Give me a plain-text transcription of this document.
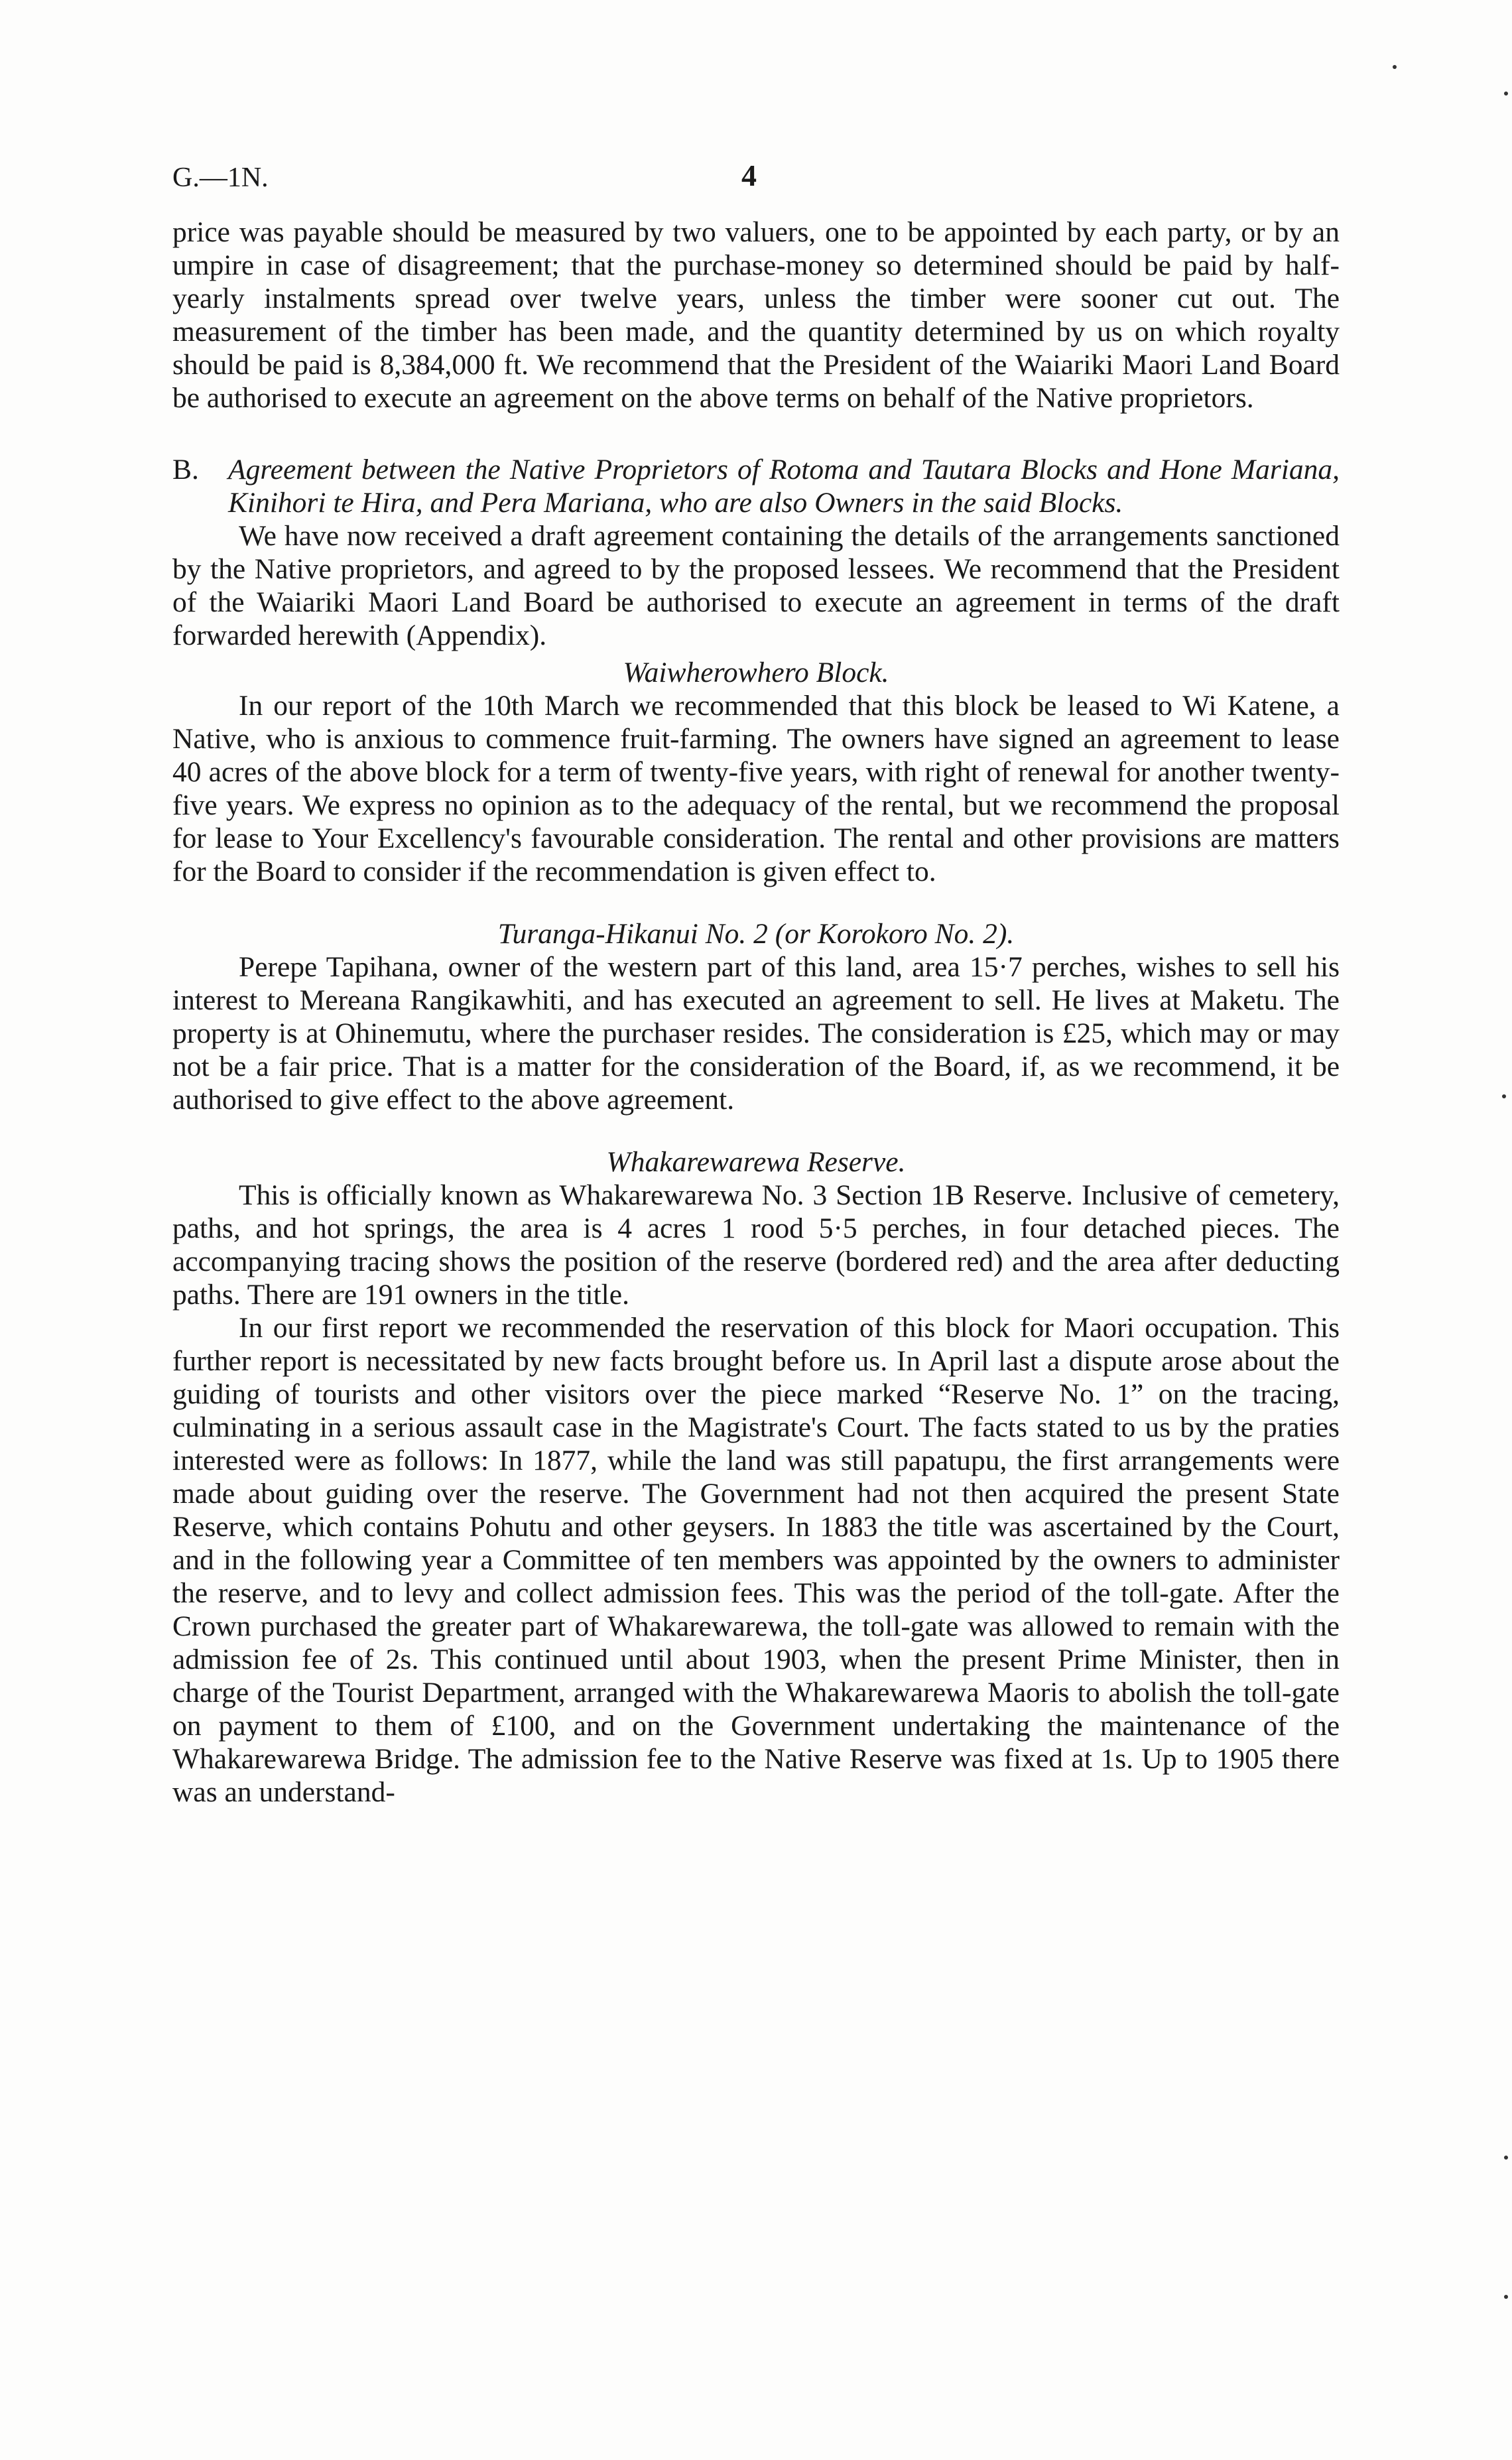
G.—1N.	4

price was payable should be measured by two valuers, one to be appointed by each party, or by an umpire in case of disagreement; that the purchase-money so determined should be paid by half-yearly instalments spread over twelve years, unless the timber were sooner cut out. The measurement of the timber has been made, and the quantity determined by us on which royalty should be paid is 8,384,000 ft. We recommend that the President of the Waiariki Maori Land Board be authorised to execute an agreement on the above terms on behalf of the Native proprietors.

B. Agreement between the Native Proprietors of Rotoma and Tautara Blocks and Hone Mariana, Kinihori te Hira, and Pera Mariana, who are also Owners in the said Blocks.

We have now received a draft agreement containing the details of the arrangements sanctioned by the Native proprietors, and agreed to by the proposed lessees. We recommend that the President of the Waiariki Maori Land Board be authorised to execute an agreement in terms of the draft forwarded herewith (Appendix).

Waiwherowhero Block.

In our report of the 10th March we recommended that this block be leased to Wi Katene, a Native, who is anxious to commence fruit-farming. The owners have signed an agreement to lease 40 acres of the above block for a term of twenty-five years, with right of renewal for another twenty-five years. We express no opinion as to the adequacy of the rental, but we recommend the proposal for lease to Your Excellency's favourable consideration. The rental and other provisions are matters for the Board to consider if the recommendation is given effect to.

Turanga-Hikanui No. 2 (or Korokoro No. 2).

Perepe Tapihana, owner of the western part of this land, area 15·7 perches, wishes to sell his interest to Mereana Rangikawhiti, and has executed an agreement to sell. He lives at Maketu. The property is at Ohinemutu, where the purchaser resides. The consideration is £25, which may or may not be a fair price. That is a matter for the consideration of the Board, if, as we recommend, it be authorised to give effect to the above agreement.

Whakarewarewa Reserve.

This is officially known as Whakarewarewa No. 3 Section 1B Reserve. Inclusive of cemetery, paths, and hot springs, the area is 4 acres 1 rood 5·5 perches, in four detached pieces. The accompanying tracing shows the position of the reserve (bordered red) and the area after deducting paths. There are 191 owners in the title.

In our first report we recommended the reservation of this block for Maori occupation. This further report is necessitated by new facts brought before us. In April last a dispute arose about the guiding of tourists and other visitors over the piece marked “Reserve No. 1” on the tracing, culminating in a serious assault case in the Magistrate's Court. The facts stated to us by the praties interested were as follows: In 1877, while the land was still papatupu, the first arrangements were made about guiding over the reserve. The Government had not then acquired the present State Reserve, which contains Pohutu and other geysers. In 1883 the title was ascertained by the Court, and in the following year a Committee of ten members was appointed by the owners to administer the reserve, and to levy and collect admission fees. This was the period of the toll-gate. After the Crown purchased the greater part of Whakarewarewa, the toll-gate was allowed to remain with the admission fee of 2s. This continued until about 1903, when the present Prime Minister, then in charge of the Tourist Department, arranged with the Whakarewarewa Maoris to abolish the toll-gate on payment to them of £100, and on the Government undertaking the maintenance of the Whakarewarewa Bridge. The admission fee to the Native Reserve was fixed at 1s. Up to 1905 there was an understand-
